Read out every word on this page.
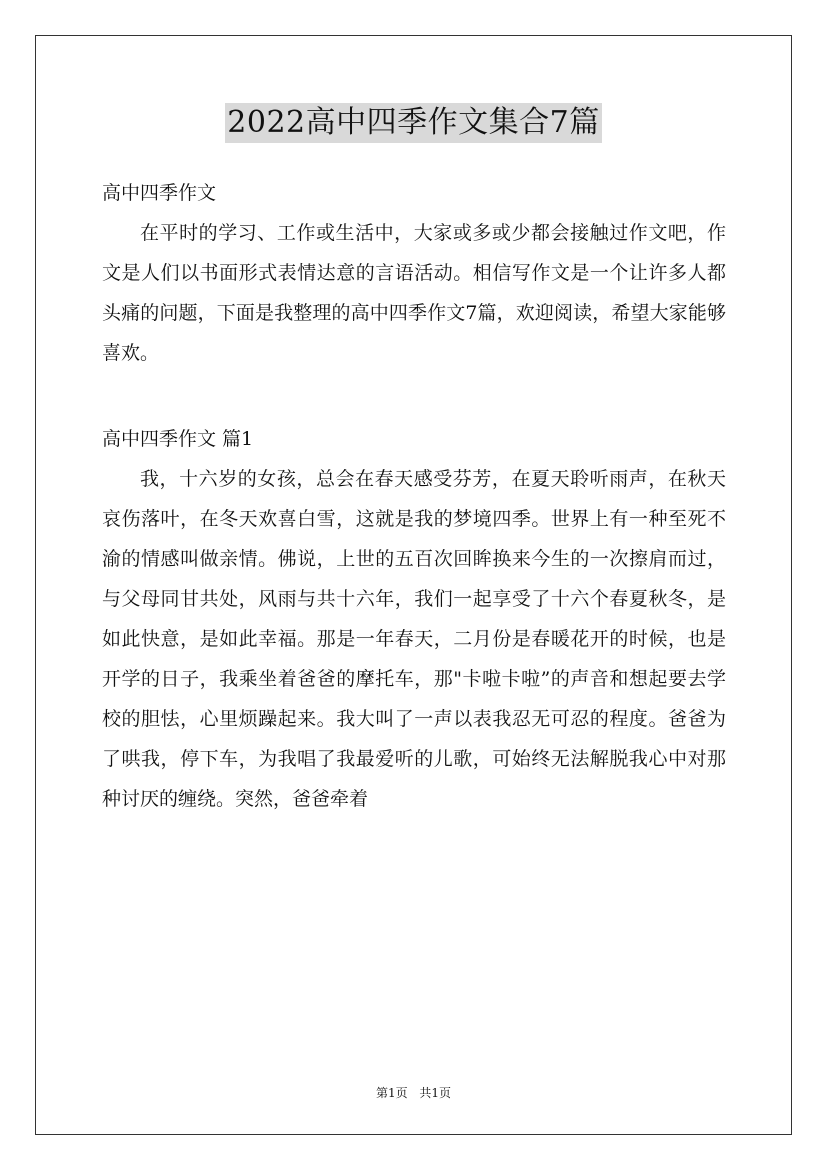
2022高中四季作文集合7篇

高中四季作文

在平时的学习、工作或生活中，大家或多或少都会接触过作文吧，作文是人们以书面形式表情达意的言语活动。相信写作文是一个让许多人都头痛的问题，下面是我整理的高中四季作文7篇，欢迎阅读，希望大家能够喜欢。

高中四季作文 篇1

我，十六岁的女孩，总会在春天感受芬芳，在夏天聆听雨声，在秋天哀伤落叶，在冬天欢喜白雪，这就是我的梦境四季。世界上有一种至死不渝的情感叫做亲情。佛说，上世的五百次回眸换来今生的一次擦肩而过，与父母同甘共处，风雨与共十六年，我们一起享受了十六个春夏秋冬，是如此快意，是如此幸福。那是一年春天，二月份是春暖花开的时候，也是开学的日子，我乘坐着爸爸的摩托车，那"卡啦卡啦”的声音和想起要去学校的胆怯，心里烦躁起来。我大叫了一声以表我忍无可忍的程度。爸爸为了哄我，停下车，为我唱了我最爱听的儿歌，可始终无法解脱我心中对那种讨厌的缠绕。突然，爸爸牵着

第1页 共1页
